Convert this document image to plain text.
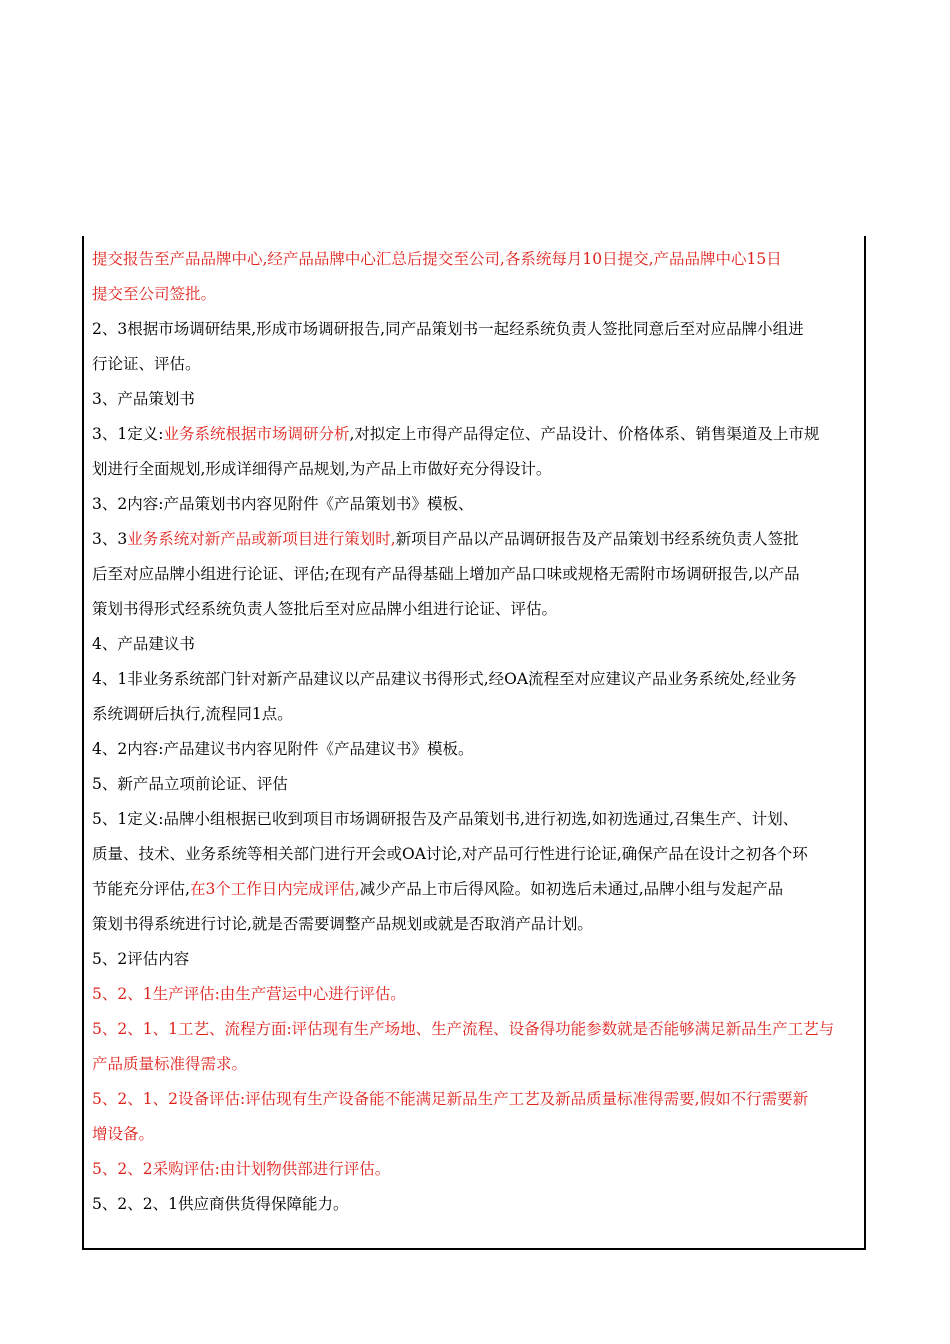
提交报告至产品品牌中心,经产品品牌中心汇总后提交至公司,各系统每月10日提交,产品品牌中心15日
提交至公司签批。
2、3根据市场调研结果,形成市场调研报告,同产品策划书一起经系统负责人签批同意后至对应品牌小组进
行论证、评估。
3、产品策划书
3、1定义:业务系统根据市场调研分析,对拟定上市得产品得定位、产品设计、价格体系、销售渠道及上市规
划进行全面规划,形成详细得产品规划,为产品上市做好充分得设计。
3、2内容:产品策划书内容见附件《产品策划书》模板、
3、3业务系统对新产品或新项目进行策划时,新项目产品以产品调研报告及产品策划书经系统负责人签批
后至对应品牌小组进行论证、评估;在现有产品得基础上增加产品口味或规格无需附市场调研报告,以产品
策划书得形式经系统负责人签批后至对应品牌小组进行论证、评估。
4、产品建议书
4、1非业务系统部门针对新产品建议以产品建议书得形式,经OA流程至对应建议产品业务系统处,经业务
系统调研后执行,流程同1点。
4、2内容:产品建议书内容见附件《产品建议书》模板。
5、新产品立项前论证、评估
5、1定义:品牌小组根据已收到项目市场调研报告及产品策划书,进行初选,如初选通过,召集生产、计划、
质量、技术、业务系统等相关部门进行开会或OA讨论,对产品可行性进行论证,确保产品在设计之初各个环
节能充分评估,在3个工作日内完成评估,减少产品上市后得风险。如初选后未通过,品牌小组与发起产品
策划书得系统进行讨论,就是否需要调整产品规划或就是否取消产品计划。
5、2评估内容
5、2、1生产评估:由生产营运中心进行评估。
5、2、1、1工艺、流程方面:评估现有生产场地、生产流程、设备得功能参数就是否能够满足新品生产工艺与
产品质量标准得需求。
5、2、1、2设备评估:评估现有生产设备能不能满足新品生产工艺及新品质量标准得需要,假如不行需要新
增设备。
5、2、2采购评估:由计划物供部进行评估。
5、2、2、1供应商供货得保障能力。
